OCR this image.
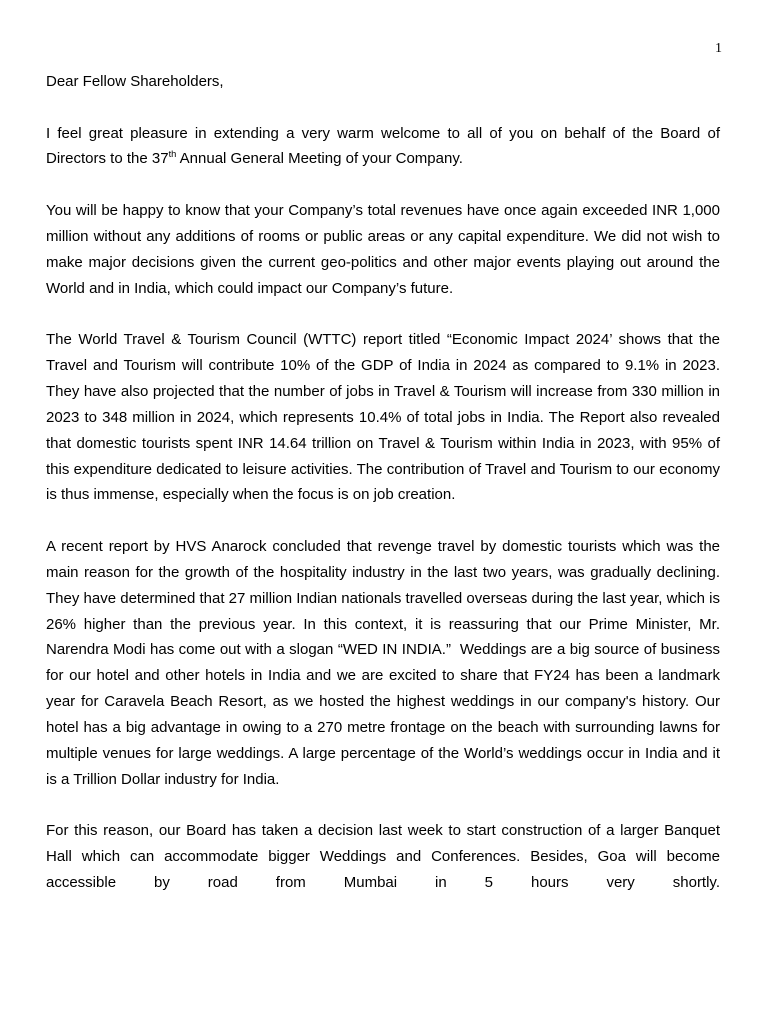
1

Dear Fellow Shareholders,

I feel great pleasure in extending a very warm welcome to all of you on behalf of the Board of Directors to the 37th Annual General Meeting of your Company.

You will be happy to know that your Company’s total revenues have once again exceeded INR 1,000 million without any additions of rooms or public areas or any capital expenditure. We did not wish to make major decisions given the current geo-politics and other major events playing out around the World and in India, which could impact our Company’s future.

The World Travel & Tourism Council (WTTC) report titled “Economic Impact 2024’ shows that the Travel and Tourism will contribute 10% of the GDP of India in 2024 as compared to 9.1% in 2023. They have also projected that the number of jobs in Travel & Tourism will increase from 330 million in 2023 to 348 million in 2024, which represents 10.4% of total jobs in India. The Report also revealed that domestic tourists spent INR 14.64 trillion on Travel & Tourism within India in 2023, with 95% of this expenditure dedicated to leisure activities. The contribution of Travel and Tourism to our economy is thus immense, especially when the focus is on job creation.

A recent report by HVS Anarock concluded that revenge travel by domestic tourists which was the main reason for the growth of the hospitality industry in the last two years, was gradually declining. They have determined that 27 million Indian nationals travelled overseas during the last year, which is 26% higher than the previous year. In this context, it is reassuring that our Prime Minister, Mr. Narendra Modi has come out with a slogan “WED IN INDIA.”  Weddings are a big source of business for our hotel and other hotels in India and we are excited to share that FY24 has been a landmark year for Caravela Beach Resort, as we hosted the highest weddings in our company's history. Our hotel has a big advantage in owing to a 270 metre frontage on the beach with surrounding lawns for multiple venues for large weddings. A large percentage of the World’s weddings occur in India and it is a Trillion Dollar industry for India.

For this reason, our Board has taken a decision last week to start construction of a larger Banquet Hall which can accommodate bigger Weddings and Conferences. Besides, Goa will become accessible by road from Mumbai in 5 hours very shortly.
